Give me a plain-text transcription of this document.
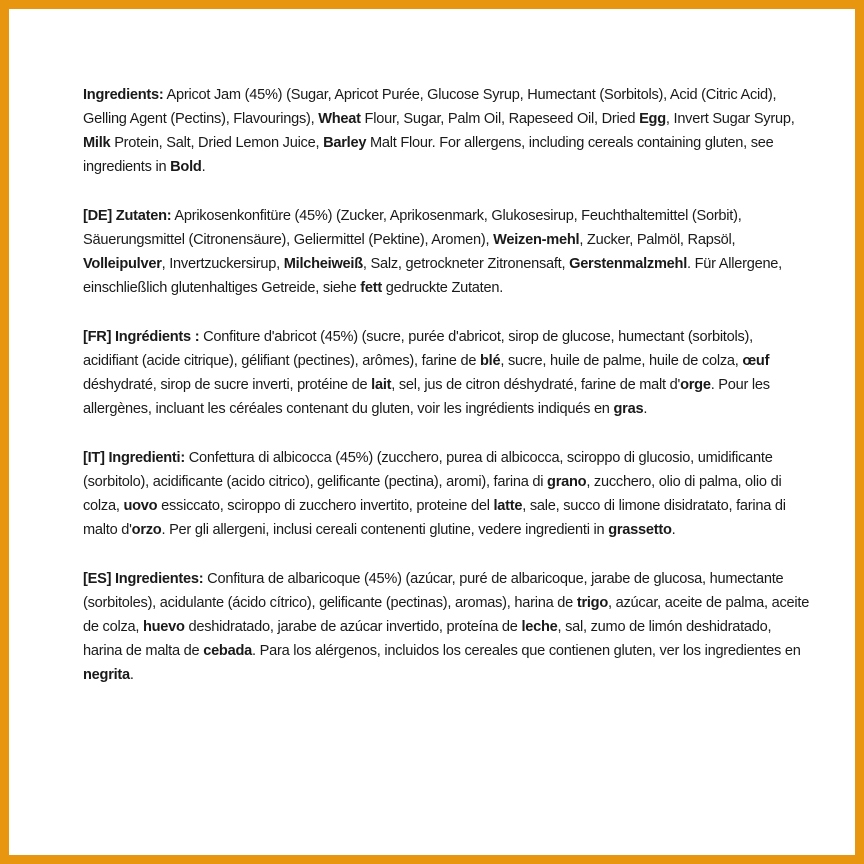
Ingredients: Apricot Jam (45%) (Sugar, Apricot Purée, Glucose Syrup, Humectant (Sorbitols), Acid (Citric Acid), Gelling Agent (Pectins), Flavourings), Wheat Flour, Sugar, Palm Oil, Rapeseed Oil, Dried Egg, Invert Sugar Syrup, Milk Protein, Salt, Dried Lemon Juice, Barley Malt Flour. For allergens, including cereals containing gluten, see ingredients in Bold.

[DE] Zutaten: Aprikosenkonfitüre (45%) (Zucker, Aprikosenmark, Glukosesirup, Feuchthaltemittel (Sorbit), Säuerungsmittel (Citronensäure), Geliermittel (Pektine), Aromen), Weizen-mehl, Zucker, Palmöl, Rapsöl, Volleipulver, Invertzuckersirup, Milcheiweiß, Salz, getrockneter Zitronensaft, Gerstenmalzmehl. Für Allergene, einschließlich glutenhaltiges Getreide, siehe fett gedruckte Zutaten.

[FR] Ingrédients : Confiture d'abricot (45%) (sucre, purée d'abricot, sirop de glucose, humectant (sorbitols), acidifiant (acide citrique), gélifiant (pectines), arômes), farine de blé, sucre, huile de palme, huile de colza, œuf déshydraté, sirop de sucre inverti, protéine de lait, sel, jus de citron déshydraté, farine de malt d'orge. Pour les allergènes, incluant les céréales contenant du gluten, voir les ingrédients indiqués en gras.

[IT] Ingredienti: Confettura di albicocca (45%) (zucchero, purea di albicocca, sciroppo di glucosio, umidificante (sorbitolo), acidificante (acido citrico), gelificante (pectina), aromi), farina di grano, zucchero, olio di palma, olio di colza, uovo essiccato, sciroppo di zucchero invertito, proteine del latte, sale, succo di limone disidratato, farina di malto d'orzo. Per gli allergeni, inclusi cereali contenenti glutine, vedere ingredienti in grassetto.

[ES] Ingredientes: Confitura de albaricoque (45%) (azúcar, puré de albaricoque, jarabe de glucosa, humectante (sorbitoles), acidulante (ácido cítrico), gelificante (pectinas), aromas), harina de trigo, azúcar, aceite de palma, aceite de colza, huevo deshidratado, jarabe de azúcar invertido, proteína de leche, sal, zumo de limón deshidratado, harina de malta de cebada. Para los alérgenos, incluidos los cereales que contienen gluten, ver los ingredientes en negrita.
